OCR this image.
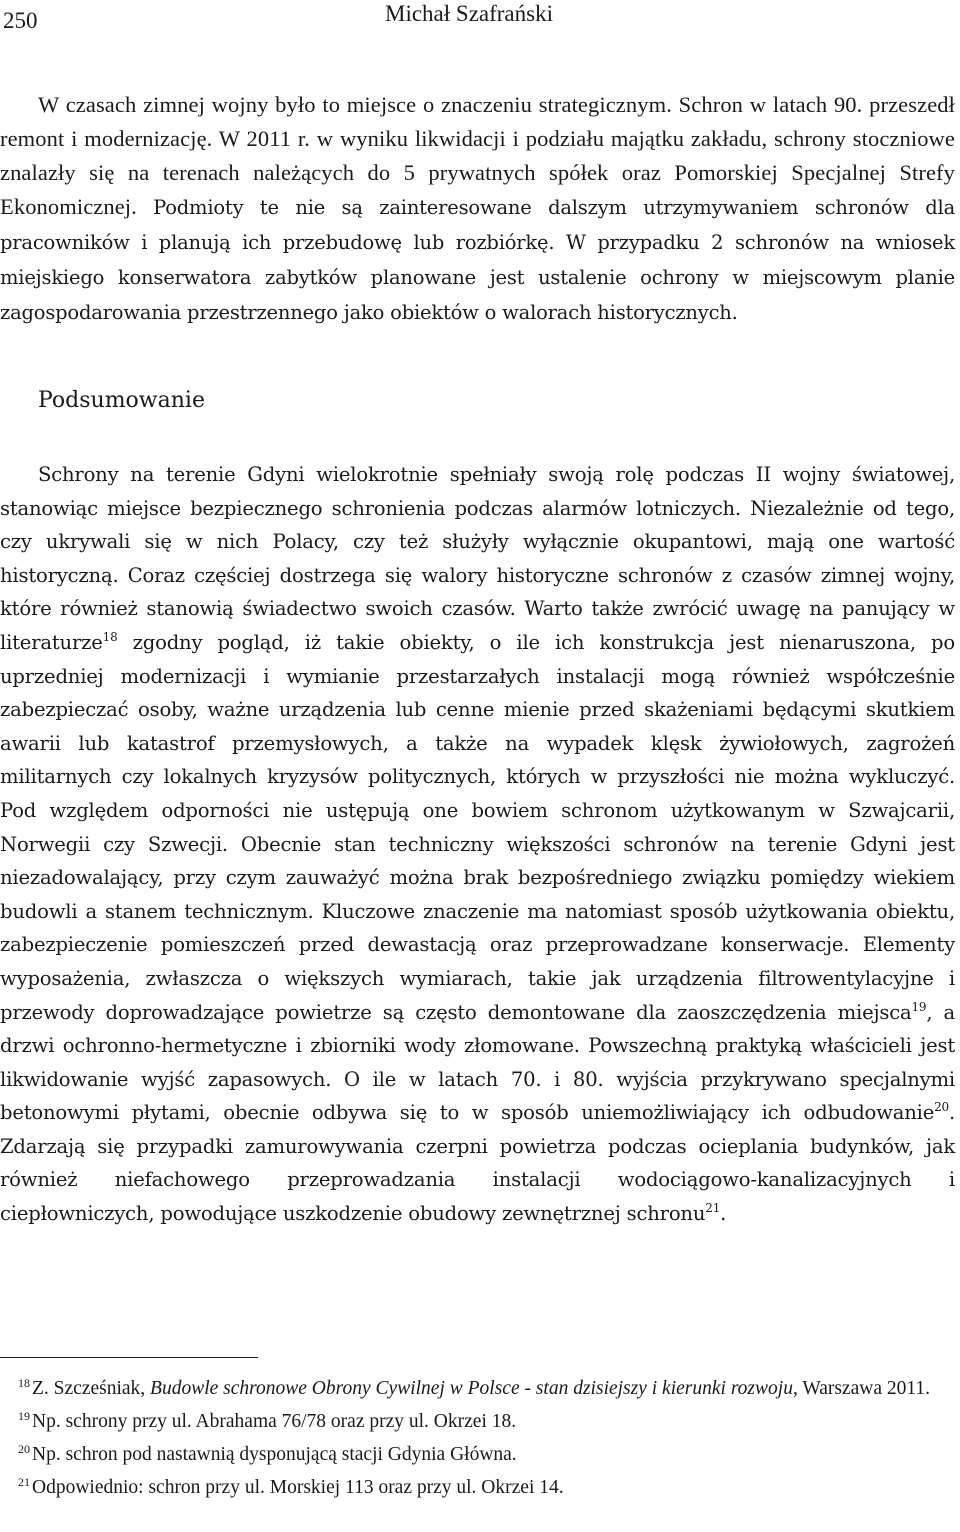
250	Michał Szafrański

W czasach zimnej wojny było to miejsce o znaczeniu strategicznym. Schron w latach 90. przeszedł remont i modernizację. W 2011 r. w wyniku likwidacji i podziału majątku zakładu, schrony stoczniowe znalazły się na terenach należących do 5 prywatnych spółek oraz Pomorskiej Specjalnej Strefy Ekonomicznej. Podmioty te nie są zainteresowane dalszym utrzymywaniem schronów dla pracowników i planują ich przebudowę lub rozbiórkę. W przypadku 2 schronów na wniosek miejskiego konserwatora zabytków planowane jest ustalenie ochrony w miejscowym planie zagospodarowania przestrzennego jako obiektów o walorach historycznych.

Podsumowanie

Schrony na terenie Gdyni wielokrotnie spełniały swoją rolę podczas II wojny światowej, stanowiąc miejsce bezpiecznego schronienia podczas alarmów lotniczych. Niezależnie od tego, czy ukrywali się w nich Polacy, czy też służyły wyłącznie okupantowi, mają one wartość historyczną. Coraz częściej dostrzega się walory historyczne schronów z czasów zimnej wojny, które również stanowią świadectwo swoich czasów. Warto także zwrócić uwagę na panujący w literaturze$^{18}$ zgodny pogląd, iż takie obiekty, o ile ich konstrukcja jest nienaruszona, po uprzedniej modernizacji i wymianie przestarzałych instalacji mogą również współcześnie zabezpieczać osoby, ważne urządzenia lub cenne mienie przed skażeniami będącymi skutkiem awarii lub katastrof przemysłowych, a także na wypadek klęsk żywiołowych, zagrożeń militarnych czy lokalnych kryzysów politycznych, których w przyszłości nie można wykluczyć. Pod względem odporności nie ustępują one bowiem schronom użytkowanym w Szwajcarii, Norwegii czy Szwecji. Obecnie stan techniczny większości schronów na terenie Gdyni jest niezadowalający, przy czym zauważyć można brak bezpośredniego związku pomiędzy wiekiem budowli a stanem technicznym. Kluczowe znaczenie ma natomiast sposób użytkowania obiektu, zabezpieczenie pomieszczeń przed dewastacją oraz przeprowadzane konserwacje. Elementy wyposażenia, zwłaszcza o większych wymiarach, takie jak urządzenia filtrowentylacyjne i przewody doprowadzające powietrze są często demontowane dla zaoszczędzenia miejsca$^{19}$, a drzwi ochronno-hermetyczne i zbiorniki wody złomowane. Powszechną praktyką właścicieli jest likwidowanie wyjść zapasowych. O ile w latach 70. i 80. wyjścia przykrywano specjalnymi betonowymi płytami, obecnie odbywa się to w sposób uniemożliwiający ich odbudowanie$^{20}$. Zdarzają się przypadki zamurowywania czerpni powietrza podczas ocieplania budynków, jak również niefachowego przeprowadzania instalacji wodociągowo-kanalizacyjnych i ciepłowniczych, powodujące uszkodzenie obudowy zewnętrznej schronu$^{21}$.

$^{18}$ Z. Szcześniak, Budowle schronowe Obrony Cywilnej w Polsce - stan dzisiejszy i kierunki rozwoju, Warszawa 2011.

$^{19}$ Np. schrony przy ul. Abrahama 76/78 oraz przy ul. Okrzei 18.

$^{20}$ Np. schron pod nastawnią dysponującą stacji Gdynia Główna.

$^{21}$ Odpowiednio: schron przy ul. Morskiej 113 oraz przy ul. Okrzei 14.
